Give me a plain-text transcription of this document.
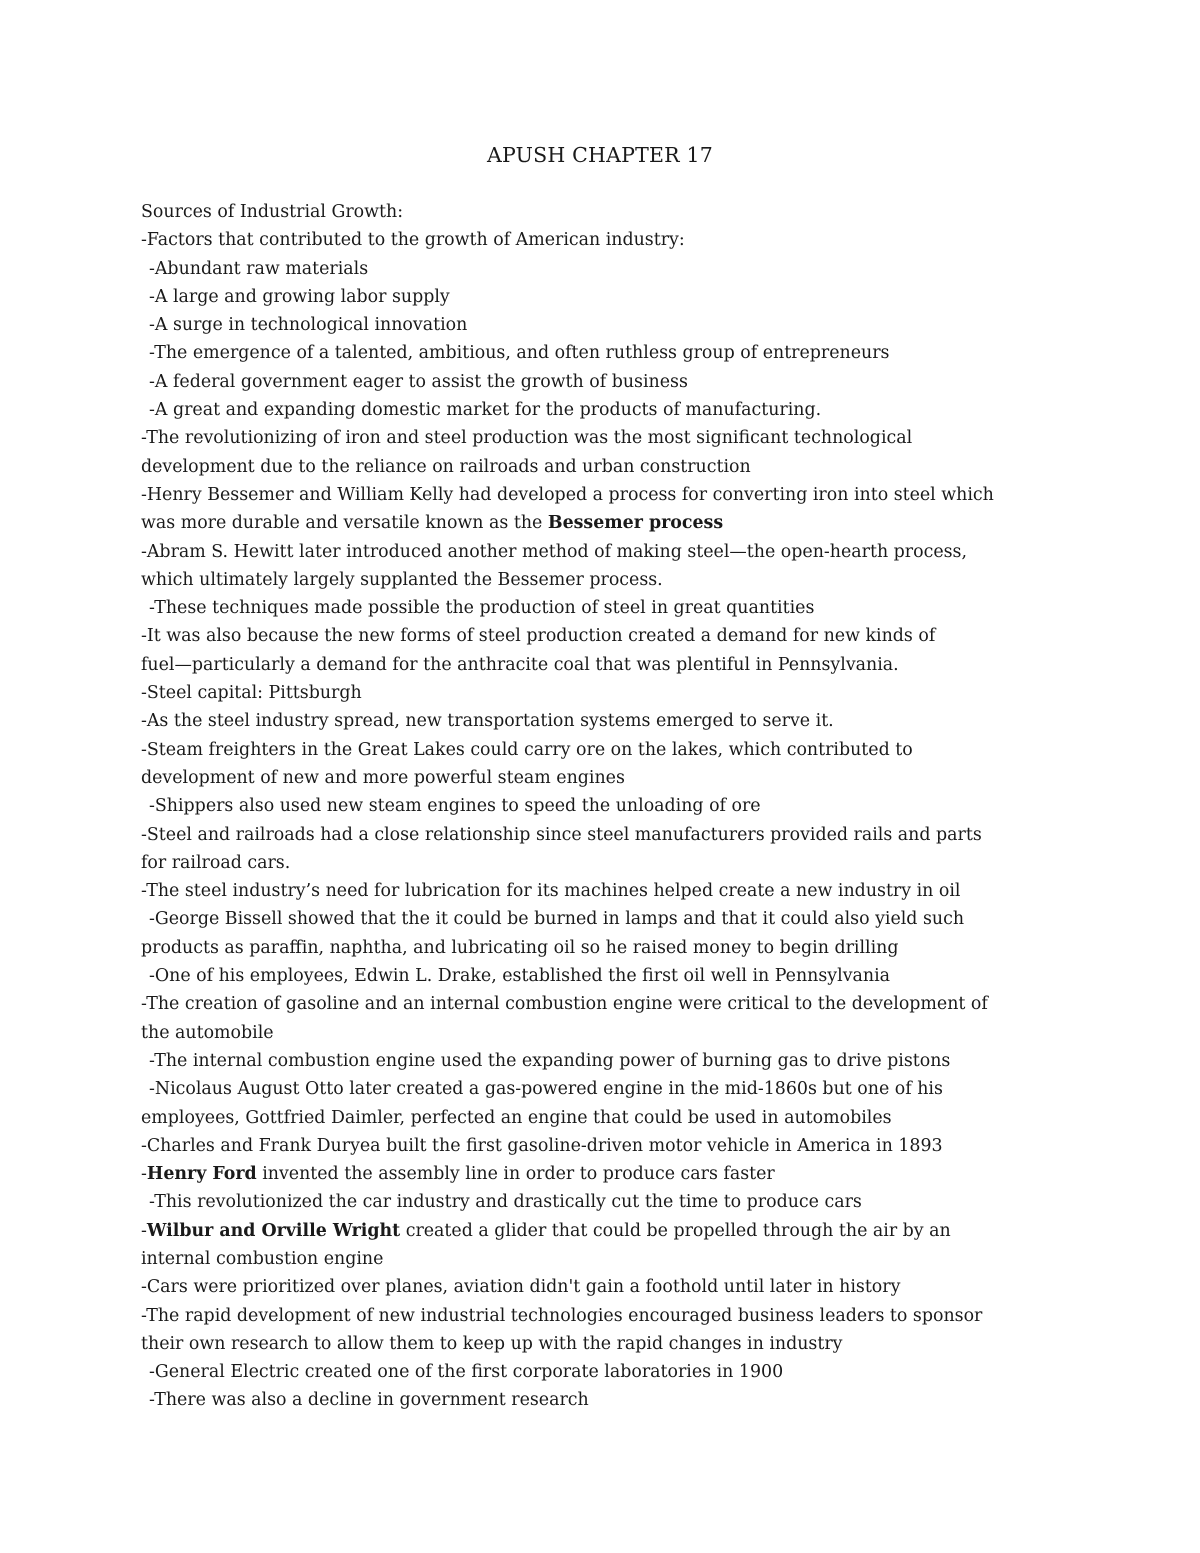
APUSH CHAPTER 17
Sources of Industrial Growth:
-Factors that contributed to the growth of American industry:
-Abundant raw materials
-A large and growing labor supply
-A surge in technological innovation
-The emergence of a talented, ambitious, and often ruthless group of entrepreneurs
-A federal government eager to assist the growth of business
-A great and expanding domestic market for the products of manufacturing.
-The revolutionizing of iron and steel production was the most significant technological
development due to the reliance on railroads and urban construction
-Henry Bessemer and William Kelly had developed a process for converting iron into steel which
was more durable and versatile known as the Bessemer process
-Abram S. Hewitt later introduced another method of making steel—the open-hearth process,
which ultimately largely supplanted the Bessemer process.
-These techniques made possible the production of steel in great quantities
-It was also because the new forms of steel production created a demand for new kinds of
fuel—particularly a demand for the anthracite coal that was plentiful in Pennsylvania.
-Steel capital: Pittsburgh
-As the steel industry spread, new transportation systems emerged to serve it.
-Steam freighters in the Great Lakes could carry ore on the lakes, which contributed to
development of new and more powerful steam engines
-Shippers also used new steam engines to speed the unloading of ore
-Steel and railroads had a close relationship since steel manufacturers provided rails and parts
for railroad cars.
-The steel industry’s need for lubrication for its machines helped create a new industry in oil
-George Bissell showed that the it could be burned in lamps and that it could also yield such
products as paraffin, naphtha, and lubricating oil so he raised money to begin drilling
-One of his employees, Edwin L. Drake, established the first oil well in Pennsylvania
-The creation of gasoline and an internal combustion engine were critical to the development of
the automobile
-The internal combustion engine used the expanding power of burning gas to drive pistons
-Nicolaus August Otto later created a gas-powered engine in the mid-1860s but one of his
employees, Gottfried Daimler, perfected an engine that could be used in automobiles
-Charles and Frank Duryea built the first gasoline-driven motor vehicle in America in 1893
-Henry Ford invented the assembly line in order to produce cars faster
-This revolutionized the car industry and drastically cut the time to produce cars
-Wilbur and Orville Wright created a glider that could be propelled through the air by an
internal combustion engine
-Cars were prioritized over planes, aviation didn't gain a foothold until later in history
-The rapid development of new industrial technologies encouraged business leaders to sponsor
their own research to allow them to keep up with the rapid changes in industry
-General Electric created one of the first corporate laboratories in 1900
-There was also a decline in government research
